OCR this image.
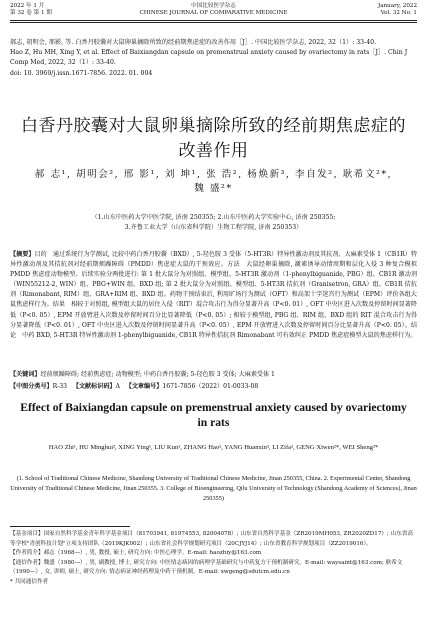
2022 年 1 月
第 32 卷 第 1 期
中国比较医学杂志
CHINESE JOURNAL OF COMPARATIVE MEDICINE
January, 2022
Vol. 32 No. 1
郝志, 胡明会, 邢影, 等. 白香丹胶囊对大鼠卵巢摘除所致的经前期焦虑症的改善作用［J］. 中国比较医学杂志, 2022, 32（1）: 33-40.
Hao Z, Hu MH, Xing Y, et al. Effect of Baixiangdan capsule on premenstrual anxiety caused by ovariectomy in rats［J］. Chin J Comp Med, 2022, 32（1）: 33-40.
doi: 10. 3969/j.issn.1671-7856. 2022. 01. 004
白香丹胶囊对大鼠卵巢摘除所致的经前期焦虑症的改善作用
郝 志¹, 胡明会², 邢 影¹, 刘 坤¹, 张 浩², 杨焕新³, 李自发², 耿希文²*, 魏 盛²*
（1.山东中医药大学中医学院, 济南 250355; 2.山东中医药大学实验中心, 济南 250355;
3.齐鲁工业大学（山东省科学院）生物工程学院, 济南 250353）
【摘要】目的　通过系统行为学测试, 比较中药白香丹胶囊（BXD）, 5-羟色胺 3 受体（5-HT3R）特异性激动剂及其抗剂、大麻素受体 1（CB1R）特异性激动剂及其拮抗剂对经前期烦躁障碍（PMDD）焦虑症大鼠的干预效应。方法　大鼠经卵巢摘除, 激素诱导动情周期和层化入侵 3 种复合模拟 PMDD 焦虑症动物模型。后续实验分两批进行: 第 1 批大鼠分为对照组、模型组、5-HT3R 激动剂（1-phenylbiguanide, PBG）组、CB1R 激动剂（WIN55212-2, WIN）组、PBG+WIN 组、BXD 组; 第 2 批大鼠分为对照组、模型组、5-HT3R 拮抗剂（Granisetron, GRA）组、CB1R 拮抗剂（Rimonabant, RIM）组、GRA+RIM 组、BXD 组。药物干预结束后, 利用旷场行为测试（OFT）和高架十字迷宫行为测试（EPM）评价各组大鼠焦虑样行为。结果　相较于对照组, 模型组大鼠的居住入侵（RIT）混合攻击行为得分显著升高（P<0. 01）, OFT 中央区进入次数及停留时间显著降低（P<0. 05）, EPM 开放臂进入次数及停留时间百分比显著降低（P<0. 05）; 相较于模型组, PBG 组、RIM 组、BXD 组的 RIT 混合攻击行为得分显著降低（P<0. 01）, OFT 中央区进入次数及停留时间显著升高（P<0. 05）, EPM 开放臂进入次数及停留时间百分比显著升高（P<0. 05）。结论　中药 BXD, 5-HT3R 特异性激动剂 1-phenylbiguanide, CB1R 特异性拮抗剂 Rimonabant 可有效纠正 PMDD 焦虑症模型大鼠的焦虑样行为。
【关键词】经前烦躁障碍; 经前焦虑症; 动物模型; 中药白香丹胶囊; 5-羟色胺 3 受体; 大麻素受体 1
【中图分类号】R-33 【文献标识码】A 【文章编号】1671-7856（2022）01-0033-08
Effect of Baixiangdan capsule on premenstrual anxiety caused by ovariectomy in rats
HAO Zhi¹, HU Minghui², XING Ying¹, LIU Kun¹, ZHANG Hao², YANG Huanxin³, LI Zifa², GENG Xiwen²*, WEI Sheng²*
(1. School of Traditional Chinese Medicine, Shandong University of Traditional Chinese Medicine, Jinan 250355, China. 2. Experimental Center, Shandong University of Traditional Chinese Medicine, Jinan 250355. 3. College of Bioengineering, Qilu University of Technology (Shandong Academy of Sciences), Jinan 250355)

【基金项目】国家自然科学基金青年科学基金项目（81703941, 81974553, 82004078）; 山东省自然科学基金（ZR2019MH053, ZR2020ZD17）; 山东省高等学校"青创科技计划"立项支持团队（2019KJK002）; 山东省社会科学规划研究项目（20CJYJ14）; 山东省教育科学规划项目（ZZ2019016）。

【作者简介】郝志（1968—）, 男, 教授, 硕士, 研究方向: 中医心理学。E-mail: haozhiy@163.com

【通信作者】魏盛（1980—）, 男, 副教授, 博士, 研究方向: 中医情志病因的病理学基础研究与中药复方干预机制研究。E-mail: waysaint@163.com; 耿希文（1990—）, 女, 讲师, 硕士, 研究方向: 情志病证神经药理及中药干预机制。E-mail: xwgeng@sdutcm.edu.cn

* 共同通信作者
